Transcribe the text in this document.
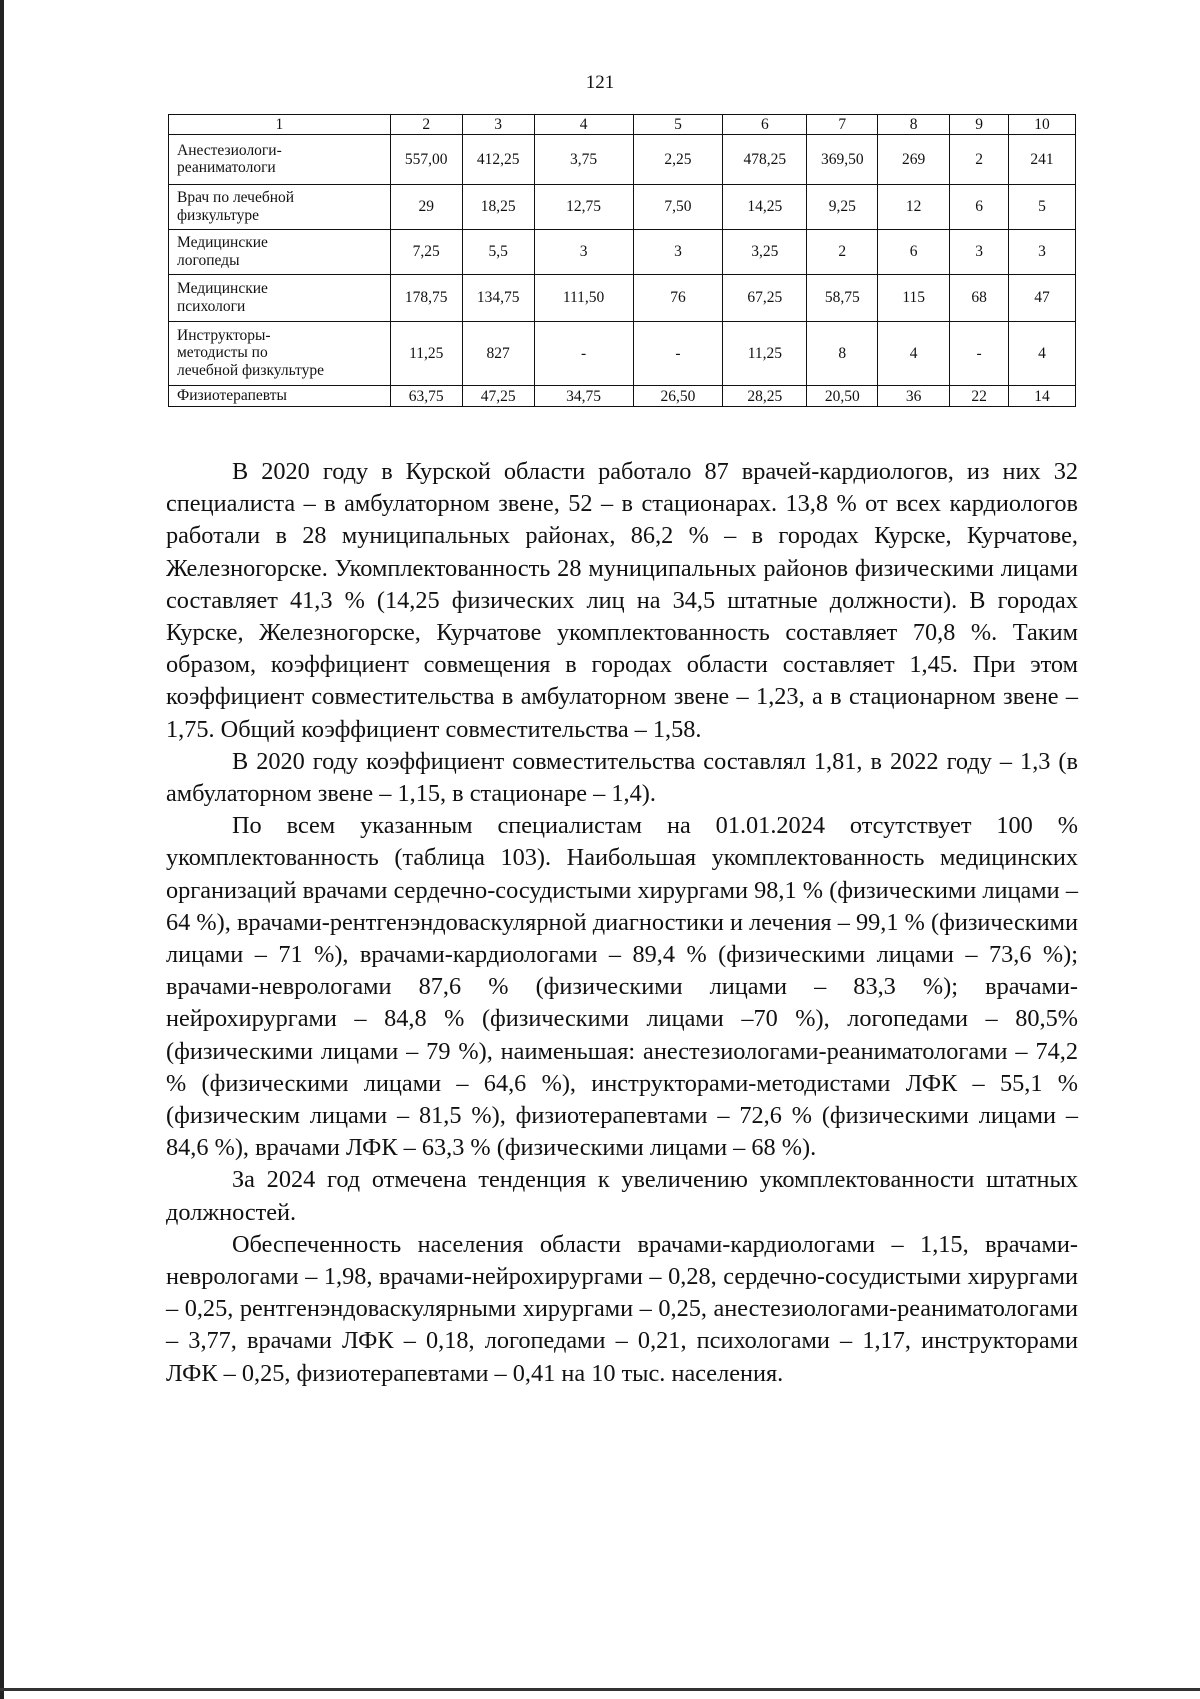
121
1	2	3	4	5	6	7	8	9	10
Анестезиологи-
реаниматологи	557,00	412,25	3,75	2,25	478,25	369,50	269	2	241
Врач по лечебной
физкультуре	29	18,25	12,75	7,50	14,25	9,25	12	6	5
Медицинские
логопеды	7,25	5,5	3	3	3,25	2	6	3	3
Медицинские
психологи	178,75	134,75	111,50	76	67,25	58,75	115	68	47
Инструкторы-
методисты по
лечебной физкультуре	11,25	827	-	-	11,25	8	4	-	4
Физиотерапевты	63,75	47,25	34,75	26,50	28,25	20,50	36	22	14

В 2020 году в Курской области работало 87 врачей-кардиологов, из них 32 специалиста – в амбулаторном звене, 52 – в стационарах. 13,8 % от всех кардиологов работали в 28 муниципальных районах, 86,2 % – в городах Курске, Курчатове, Железногорске. Укомплектованность 28 муниципальных районов физическими лицами составляет 41,3 % (14,25 физических лиц на 34,5 штатные должности). В городах Курске, Железногорске, Курчатове укомплектованность составляет 70,8 %. Таким образом, коэффициент совмещения в городах области составляет 1,45. При этом коэффициент совместительства в амбулаторном звене – 1,23, а в стационарном звене – 1,75. Общий коэффициент совместительства – 1,58.

В 2020 году коэффициент совместительства составлял 1,81, в 2022 году – 1,3 (в амбулаторном звене – 1,15, в стационаре – 1,4).

По всем указанным специалистам на 01.01.2024 отсутствует 100 % укомплектованность (таблица 103). Наибольшая укомплектованность медицинских организаций врачами сердечно-сосудистыми хирургами 98,1 % (физическими лицами – 64 %), врачами-рентгенэндоваскулярной диагностики и лечения – 99,1 % (физическими лицами – 71 %), врачами-кардиологами – 89,4 % (физическими лицами – 73,6 %); врачами-неврологами 87,6 % (физическими лицами – 83,3 %); врачами-нейрохирургами – 84,8 % (физическими лицами –70 %), логопедами – 80,5% (физическими лицами – 79 %), наименьшая: анестезиологами-реаниматологами – 74,2 % (физическими лицами – 64,6 %), инструкторами-методистами ЛФК – 55,1 % (физическим лицами – 81,5 %), физиотерапевтами – 72,6 % (физическими лицами – 84,6 %), врачами ЛФК – 63,3 % (физическими лицами – 68 %).

За 2024 год отмечена тенденция к увеличению укомплектованности штатных должностей.

Обеспеченность населения области врачами-кардиологами – 1,15, врачами-неврологами – 1,98, врачами-нейрохирургами – 0,28, сердечно-сосудистыми хирургами – 0,25, рентгенэндоваскулярными хирургами – 0,25, анестезиологами-реаниматологами – 3,77, врачами ЛФК – 0,18, логопедами – 0,21, психологами – 1,17, инструкторами ЛФК – 0,25, физиотерапевтами – 0,41 на 10 тыс. населения.
